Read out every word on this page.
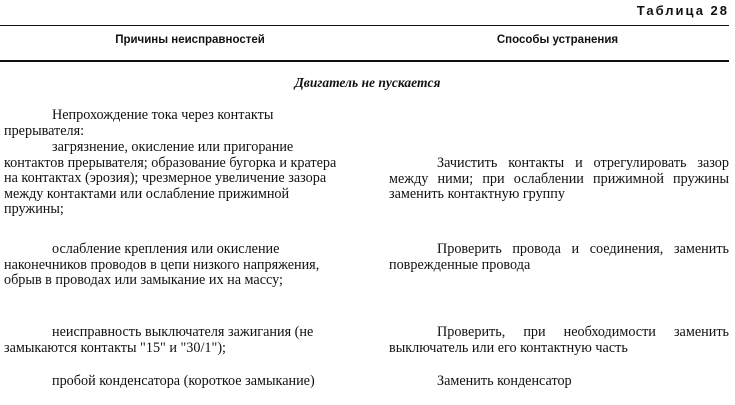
Таблица 28
Причины неисправностей	Способы устранения
Двигатель не пускается

Непрохождение тока через контакты прерывателя:

загрязнение, окисление или пригорание контактов прерывателя; образование бугорка и кратера на контактах (эрозия); чрезмерное увеличение зазора между контактами или ослабление прижимной пружины;

Зачистить контакты и отрегулировать зазор между ними; при ослаблении прижимной пружины заменить контактную группу

ослабление крепления или окисление наконечников проводов в цепи низкого напряжения, обрыв в проводах или замыкание их на массу;

Проверить провода и соединения, заменить поврежденные провода

неисправность выключателя зажигания (не замыкаются контакты "15" и "30/1");

Проверить, при необходимости заменить выключатель или его контактную часть

пробой конденсатора (короткое замыкание)	Заменить конденсатор
